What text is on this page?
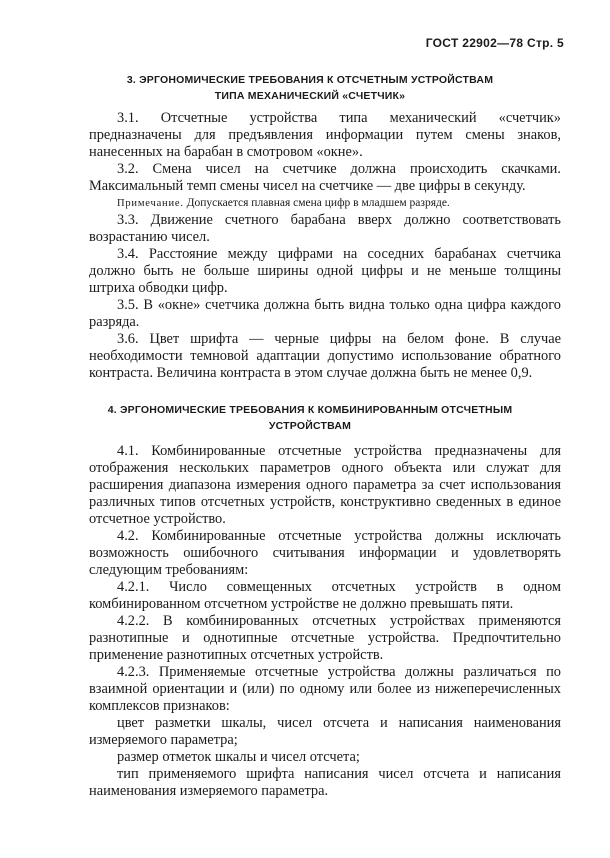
ГОСТ 22902—78 Стр. 5
3. ЭРГОНОМИЧЕСКИЕ ТРЕБОВАНИЯ К ОТСЧЕТНЫМ УСТРОЙСТВАМ
ТИПА МЕХАНИЧЕСКИЙ «СЧЕТЧИК»

3.1. Отсчетные устройства типа механический «счетчик» предназначены для предъявления информации путем смены знаков, нанесенных на барабан в смотровом «окне».

3.2. Смена чисел на счетчике должна происходить скачками. Максимальный темп смены чисел на счетчике — две цифры в секунду.

Примечание. Допускается плавная смена цифр в младшем разряде.

3.3. Движение счетного барабана вверх должно соответствовать возрастанию чисел.

3.4. Расстояние между цифрами на соседних барабанах счетчика должно быть не больше ширины одной цифры и не меньше толщины штриха обводки цифр.

3.5. В «окне» счетчика должна быть видна только одна цифра каждого разряда.

3.6. Цвет шрифта — черные цифры на белом фоне. В случае необходимости темновой адаптации допустимо использование обратного контраста. Величина контраста в этом случае должна быть не менее 0,9.

4. ЭРГОНОМИЧЕСКИЕ ТРЕБОВАНИЯ К КОМБИНИРОВАННЫМ ОТСЧЕТНЫМ
УСТРОЙСТВАМ

4.1. Комбинированные отсчетные устройства предназначены для отображения нескольких параметров одного объекта или служат для расширения диапазона измерения одного параметра за счет использования различных типов отсчетных устройств, конструктивно сведенных в единое отсчетное устройство.

4.2. Комбинированные отсчетные устройства должны исключать возможность ошибочного считывания информации и удовлетворять следующим требованиям:

4.2.1. Число совмещенных отсчетных устройств в одном комбинированном отсчетном устройстве не должно превышать пяти.

4.2.2. В комбинированных отсчетных устройствах применяются разнотипные и однотипные отсчетные устройства. Предпочтительно применение разнотипных отсчетных устройств.

4.2.3. Применяемые отсчетные устройства должны различаться по взаимной ориентации и (или) по одному или более из нижеперечисленных комплексов признаков:

цвет разметки шкалы, чисел отсчета и написания наименования измеряемого параметра;

размер отметок шкалы и чисел отсчета;

тип применяемого шрифта написания чисел отсчета и написания наименования измеряемого параметра.
